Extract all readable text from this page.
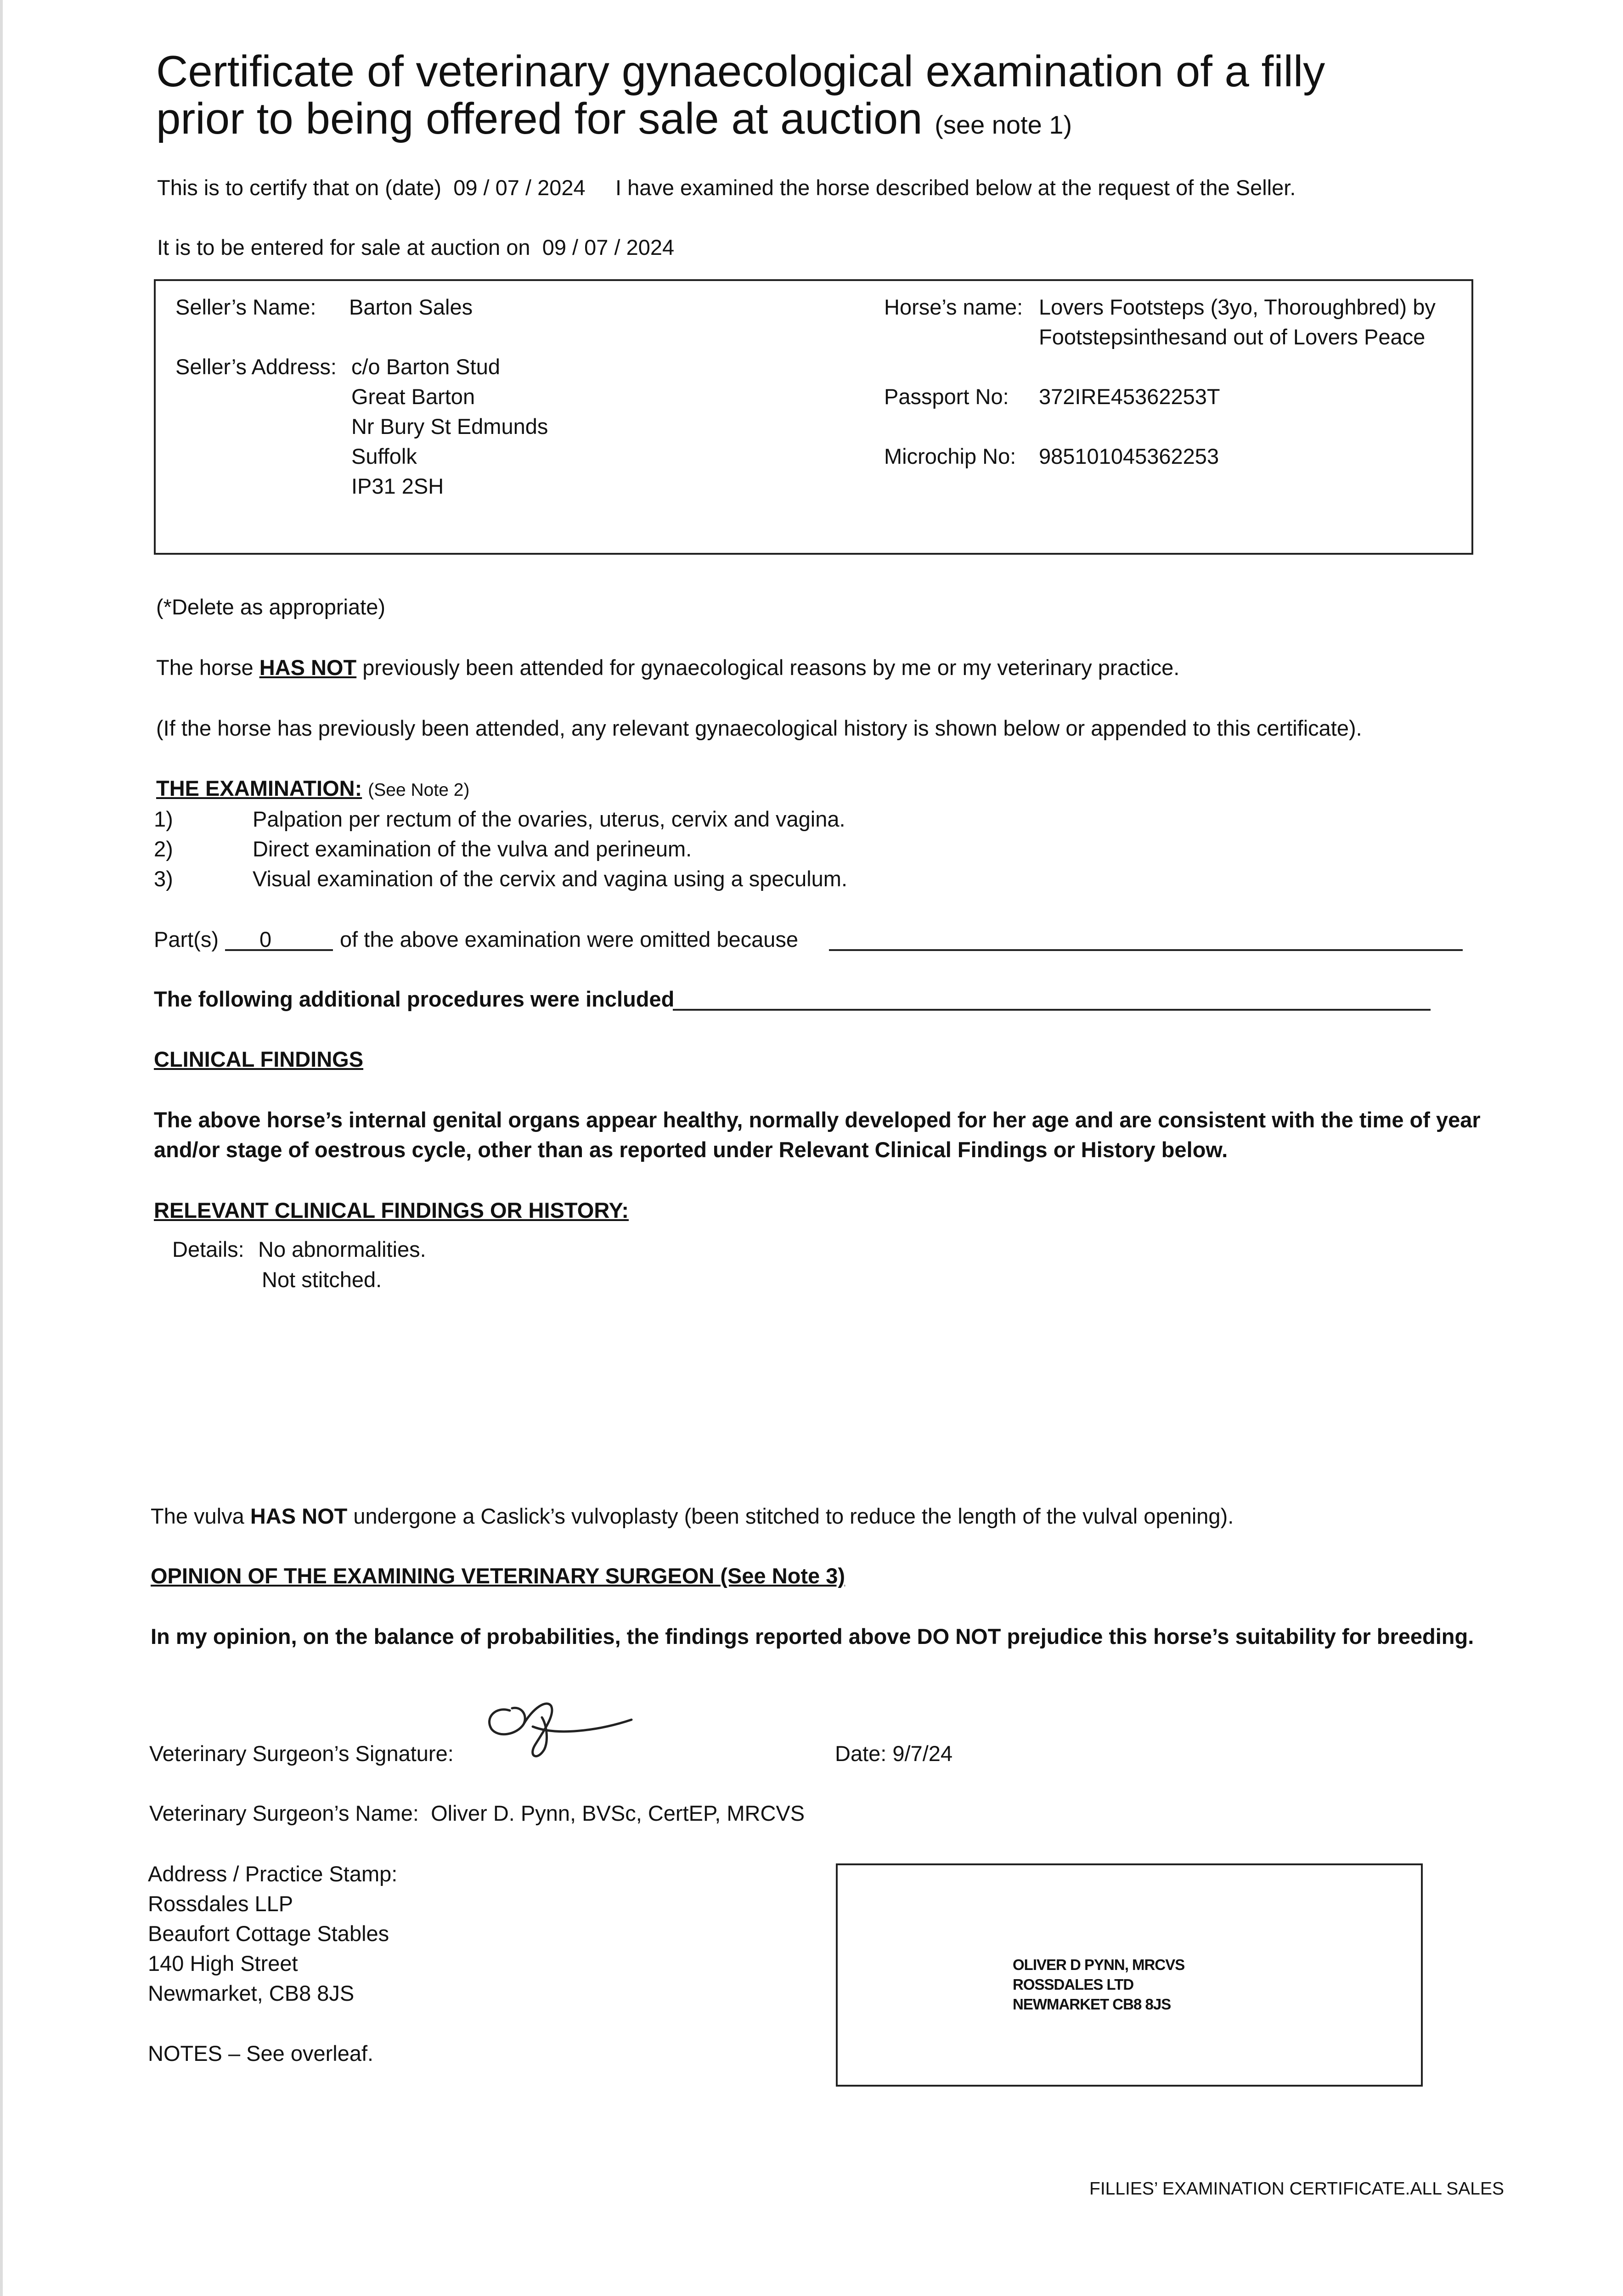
Certificate of veterinary gynaecological examination of a filly
prior to being offered for sale at auction (see note 1)
This is to certify that on (date) 09 / 07 / 2024 I have examined the horse described below at the request of the Seller.
It is to be entered for sale at auction on 09 / 07 / 2024
Seller’s Name: Barton Sales
Seller’s Address: c/o Barton Stud
Great Barton
Nr Bury St Edmunds
Suffolk
IP31 2SH
Horse’s name: Lovers Footsteps (3yo, Thoroughbred) by
Footstepsinthesand out of Lovers Peace
Passport No: 372IRE45362253T
Microchip No: 985101045362253
(*Delete as appropriate)
The horse HAS NOT previously been attended for gynaecological reasons by me or my veterinary practice.
(If the horse has previously been attended, any relevant gynaecological history is shown below or appended to this certificate).
THE EXAMINATION: (See Note 2)
1)	Palpation per rectum of the ovaries, uterus, cervix and vagina.
2)	Direct examination of the vulva and perineum.
3)	Visual examination of the cervix and vagina using a speculum.
Part(s) 0	of the above examination were omitted because
The following additional procedures were included
CLINICAL FINDINGS
The above horse’s internal genital organs appear healthy, normally developed for her age and are consistent with the time of year
and/or stage of oestrous cycle, other than as reported under Relevant Clinical Findings or History below.
RELEVANT CLINICAL FINDINGS OR HISTORY:
Details: No abnormalities.
Not stitched.
The vulva HAS NOT undergone a Caslick’s vulvoplasty (been stitched to reduce the length of the vulval opening).
OPINION OF THE EXAMINING VETERINARY SURGEON (See Note 3)
In my opinion, on the balance of probabilities, the findings reported above DO NOT prejudice this horse’s suitability for breeding.
Veterinary Surgeon’s Signature:	Date: 9/7/24
Veterinary Surgeon’s Name: Oliver D. Pynn, BVSc, CertEP, MRCVS
Address / Practice Stamp:
Rossdales LLP
Beaufort Cottage Stables
140 High Street
Newmarket, CB8 8JS
OLIVER D PYNN, MRCVS
ROSSDALES LTD
NEWMARKET CB8 8JS
NOTES – See overleaf.
FILLIES’ EXAMINATION CERTIFICATE.ALL SALES
